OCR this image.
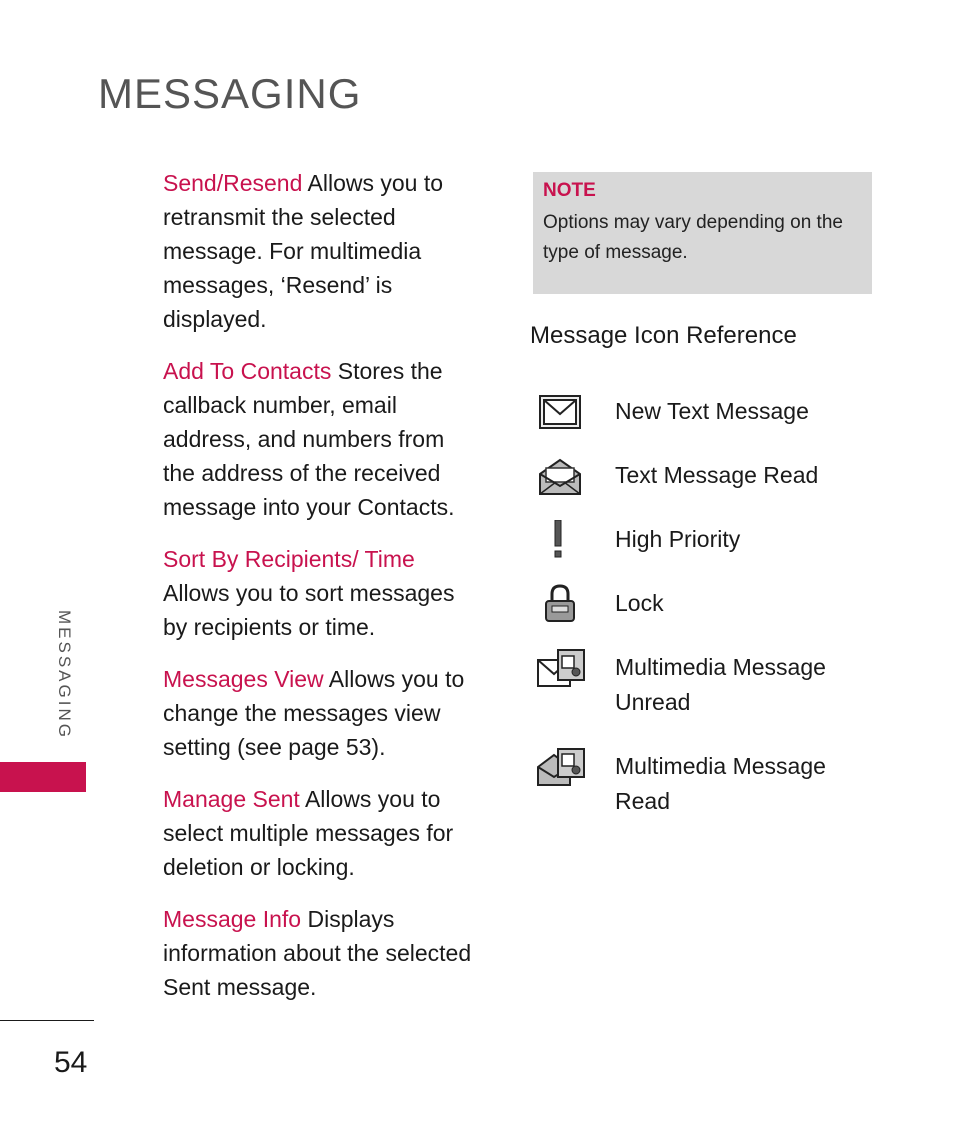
MESSAGING
MESSAGING
54
Send/Resend Allows you to retransmit the selected message. For multimedia messages, ‘Resend’ is displayed.
Add To Contacts Stores the callback number, email address, and numbers from the address of the received message into your Contacts.
Sort By Recipients/ Time Allows you to sort messages by recipients or time.
Messages View Allows you to change the messages view setting (see page 53).
Manage Sent Allows you to select multiple messages for deletion or locking.
Message Info Displays information about the selected Sent message.
NOTE
Options may vary depending on the type of message.
Message Icon Reference
New Text Message
Text Message Read
High Priority
Lock
Multimedia Message Unread
Multimedia Message Read
